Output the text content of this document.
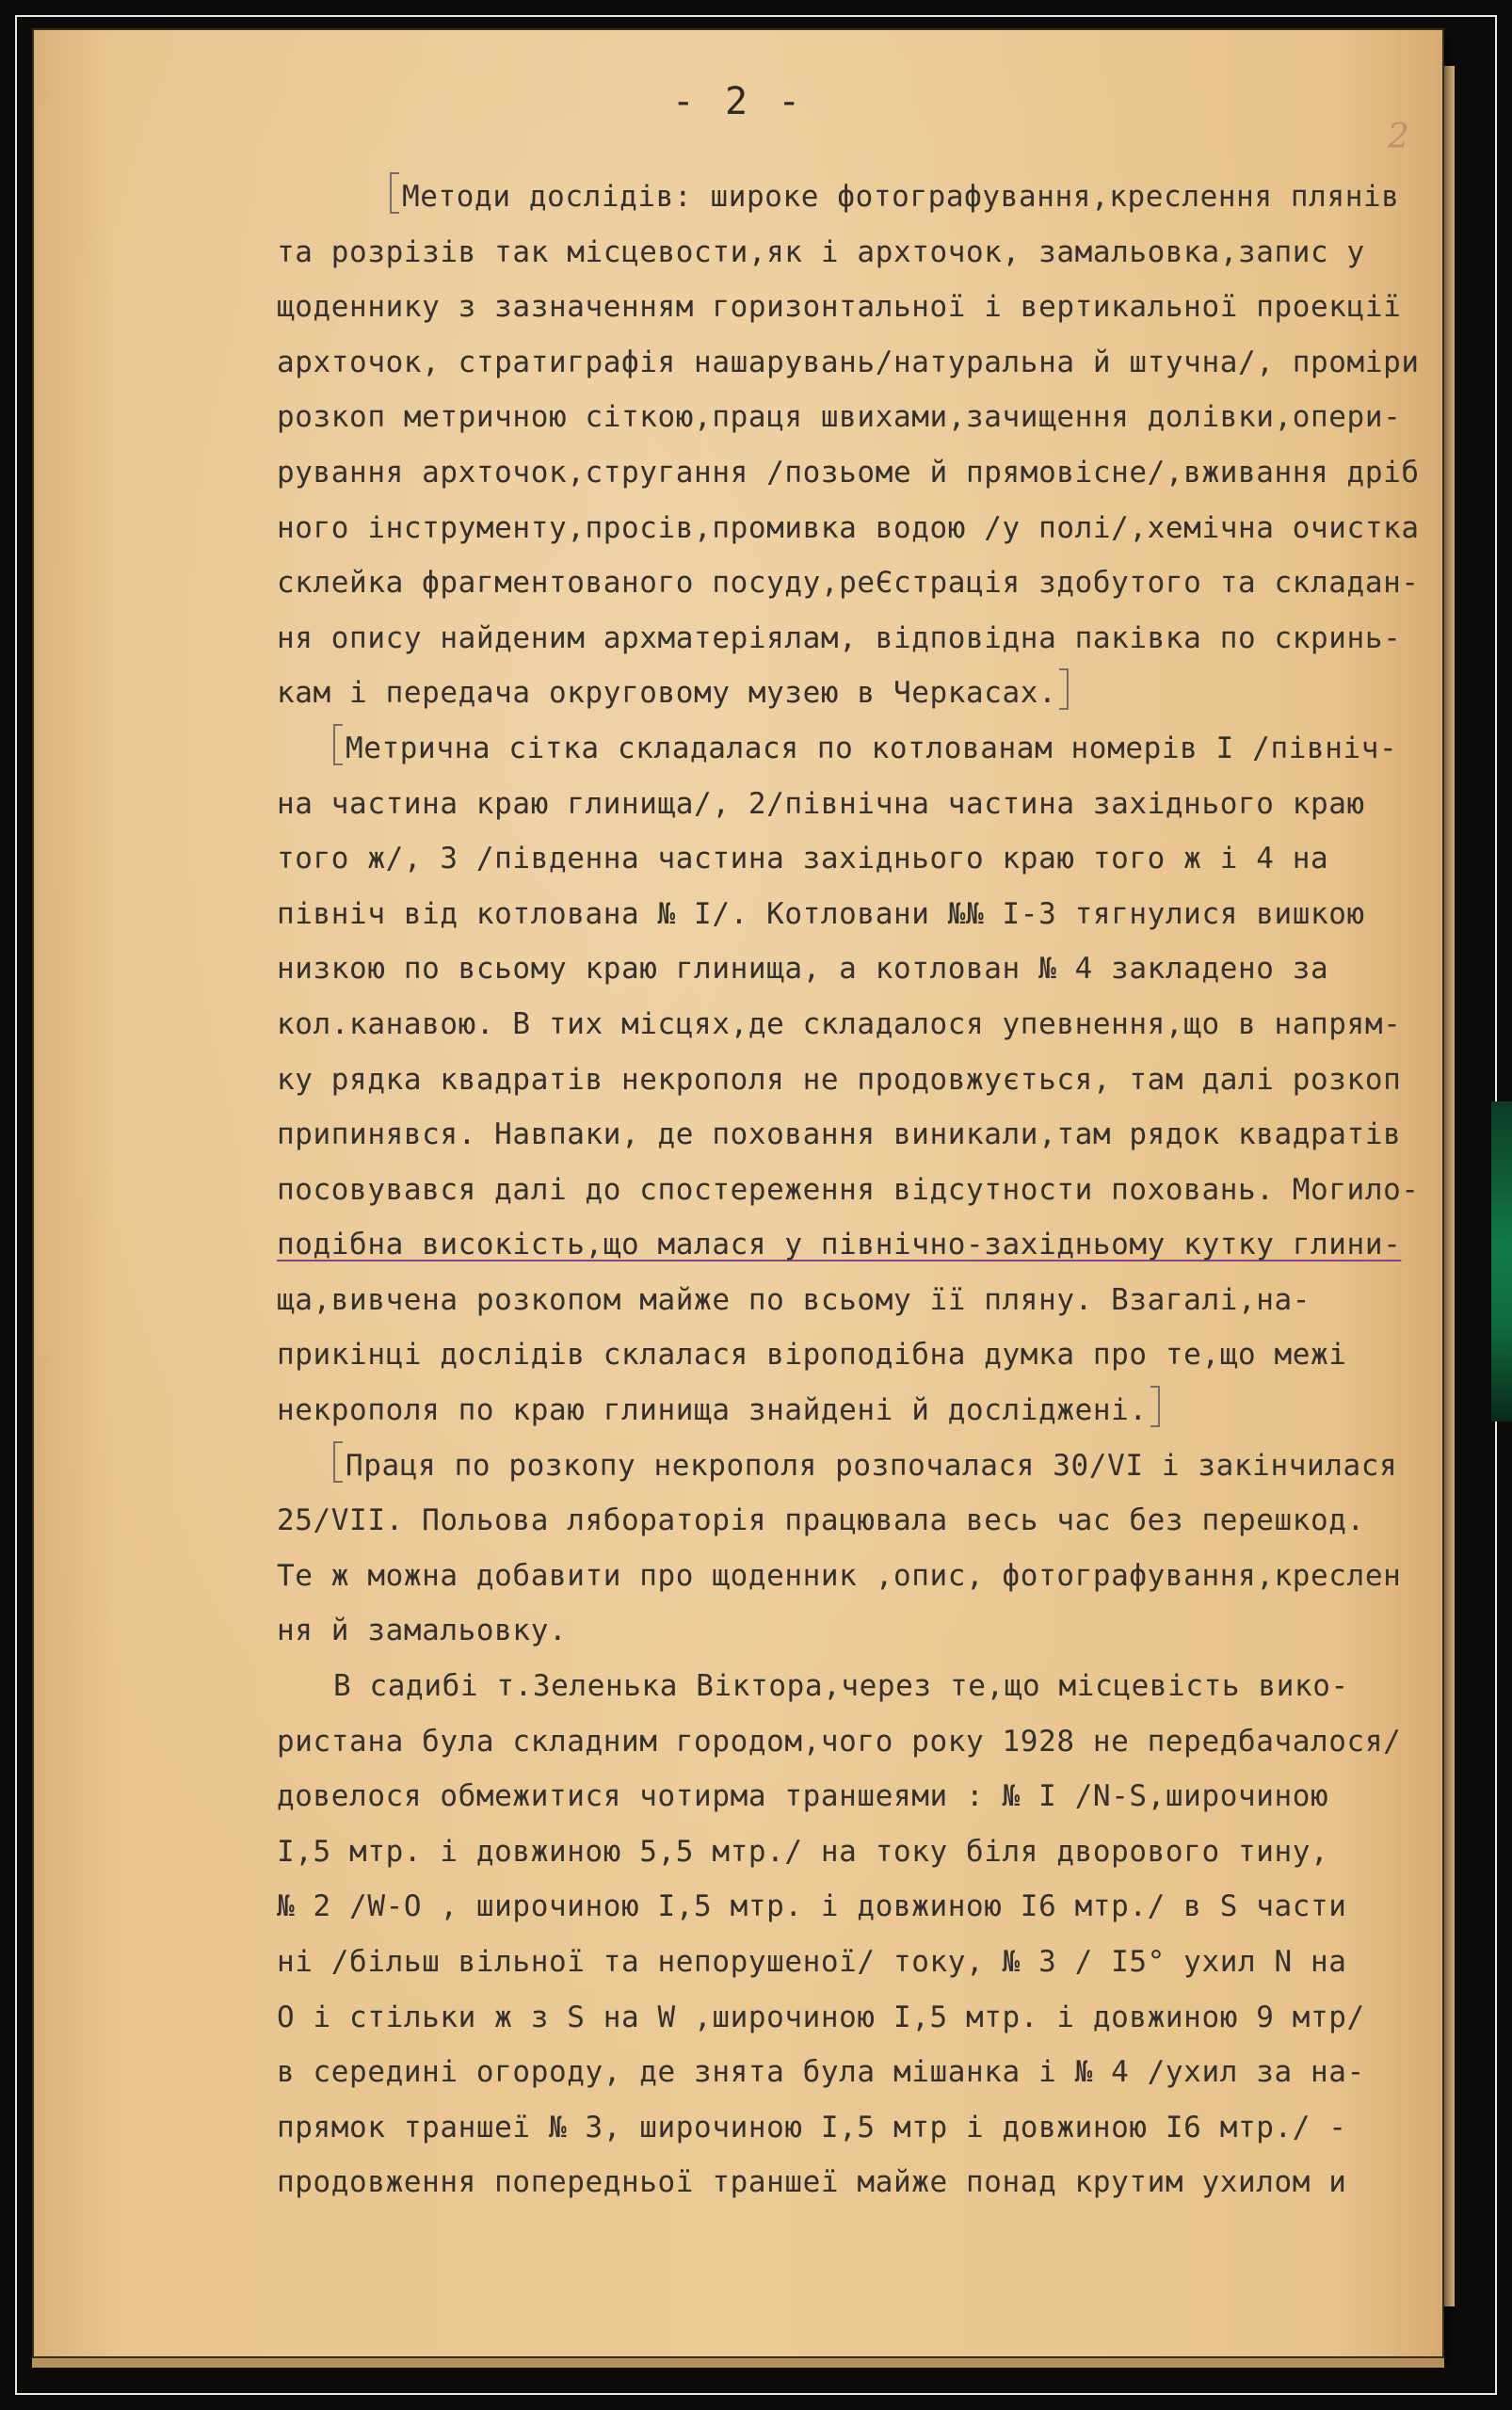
- 2 -
2
Методи дослідів: широке фотографування,креслення плянів
та розрізів так місцевости,як і архточок, замальовка,запис у
щоденнику з зазначенням горизонтальної і вертикальної проекції
архточок, стратиграфія нашарувань/натуральна й штучна/, проміри
розкоп метричною сіткою,праця швихами,зачищення долівки,опери-
рування архточок,стругання /позьоме й прямовісне/,вживання дріб
ного інструменту,просів,промивка водою /у полі/,хемічна очистка
склейка фрагментованого посуду,реЄстрація здобутого та складан-
ня опису найденим архматеріялам, відповідна паківка по скринь-
кам і передача округовому музею в Черкасах.
Метрична сітка складалася по котлованам номерів I /північ-
на частина краю глинища/, 2/північна частина західнього краю
того ж/, 3 /південна частина західнього краю того ж і 4 на
північ від котлована № I/. Котловани №№ I-3 тягнулися вишкою
низкою по всьому краю глинища, а котлован № 4 закладено за
кол.канавою. В тих місцях,де складалося упевнення,що в напрям-
ку рядка квадратів некрополя не продовжується, там далі розкоп
припинявся. Навпаки, де поховання виникали,там рядок квадратів
посовувався далі до спостереження відсутности поховань. Могило-
подібна високість,що малася у північно-західньому кутку глини-
ща,вивчена розкопом майже по всьому її пляну. Взагалі,на-
прикінці дослідів склалася віроподібна думка про те,що межі
некрополя по краю глинища знайдені й досліджені.
Праця по розкопу некрополя розпочалася 30/VI і закінчилася
25/VII. Польова лябораторія працювала весь час без перешкод.
Те ж можна добавити про щоденник ,опис, фотографування,креслен
ня й замальовку.
В садибі т.Зеленька Віктора,через те,що місцевість вико-
ристана була складним городом,чого року 1928 не передбачалося/
довелося обмежитися чотирма траншеями : № I /N-S,широчиною
I,5 мтр. і довжиною 5,5 мтр./ на току біля дворового тину,
№ 2 /W-O , широчиною I,5 мтр. і довжиною I6 мтр./ в S части
ні /більш вільної та непорушеної/ току, № 3 / I5° ухил N на
O і стільки ж з S на W ,широчиною I,5 мтр. і довжиною 9 мтр/
в середині огороду, де знята була мішанка і № 4 /ухил за на-
прямок траншеї № 3, широчиною I,5 мтр і довжиною I6 мтр./ -
продовження попередньої траншеї майже понад крутим ухилом и
